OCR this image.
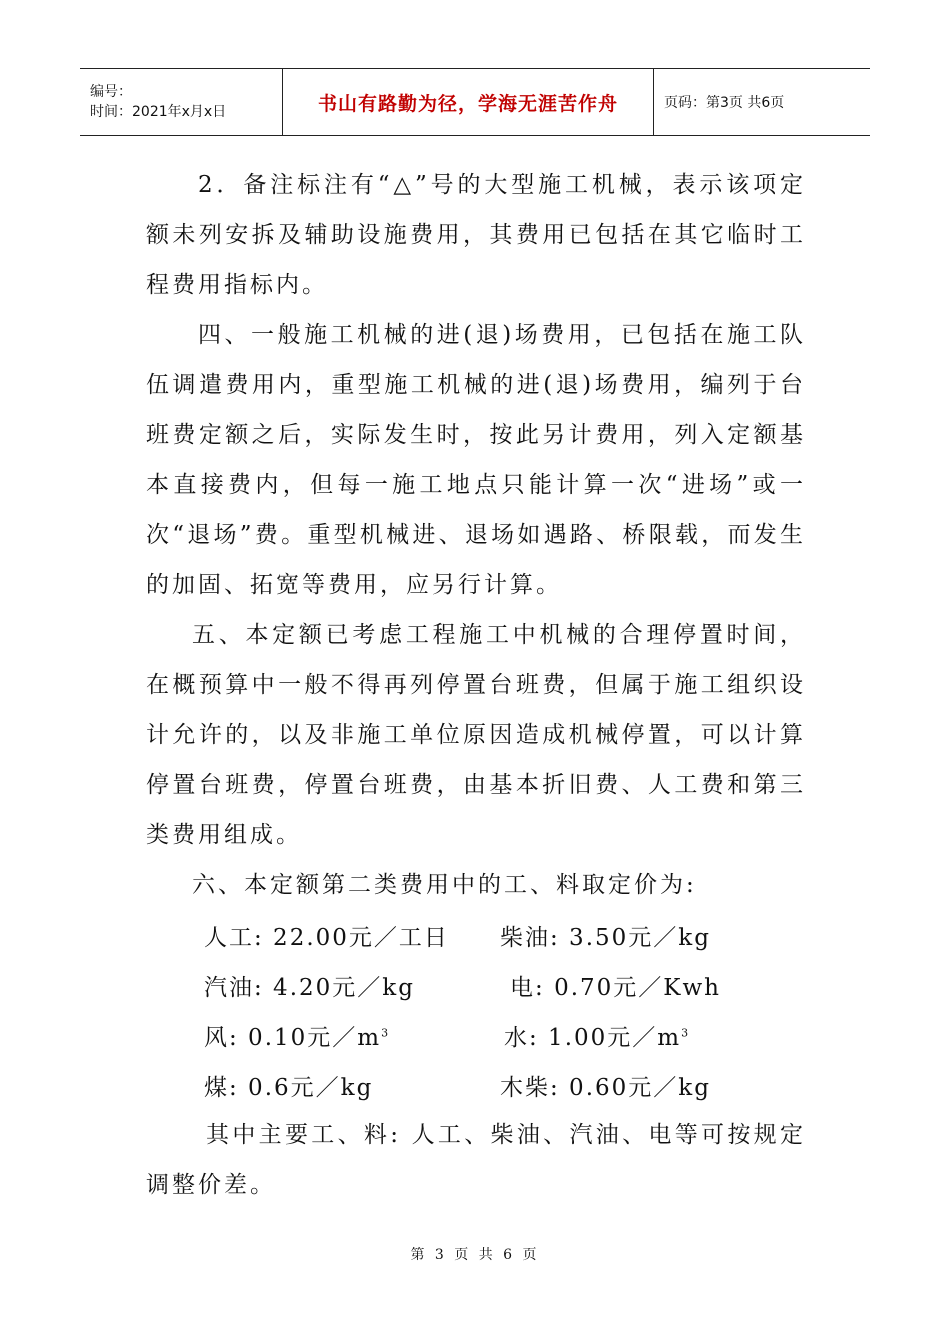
编号：
时间：2021年x月x日	书山有路勤为径，学海无涯苦作舟	页码：第3页 共6页

2．备注标注有“△”号的大型施工机械，表示该项定额未列安拆及辅助设施费用，其费用已包括在其它临时工程费用指标内。

四、一般施工机械的进(退)场费用，已包括在施工队伍调遣费用内，重型施工机械的进(退)场费用，编列于台班费定额之后，实际发生时，按此另计费用，列入定额基本直接费内，但每一施工地点只能计算一次“进场”或一次“退场”费。重型机械进、退场如遇路、桥限载，而发生的加固、拓宽等费用，应另行计算。

五、本定额已考虑工程施工中机械的合理停置时间，在概预算中一般不得再列停置台班费，但属于施工组织设计允许的，以及非施工单位原因造成机械停置，可以计算停置台班费，停置台班费，由基本折旧费、人工费和第三类费用组成。

六、本定额第二类费用中的工、料取定价为:

人工: 22.00元／工日	柴油: 3.50元／kg
汽油: 4.20元／kg	电: 0.70元／Kwh
风: 0.10元$/m^3$	水: 1.00元$/m^3$
煤: 0.6元／kg	木柴: 0.60元／kg

其中主要工、料: 人工、柴油、汽油、电等可按规定调整价差。

第 3 页 共 6 页
